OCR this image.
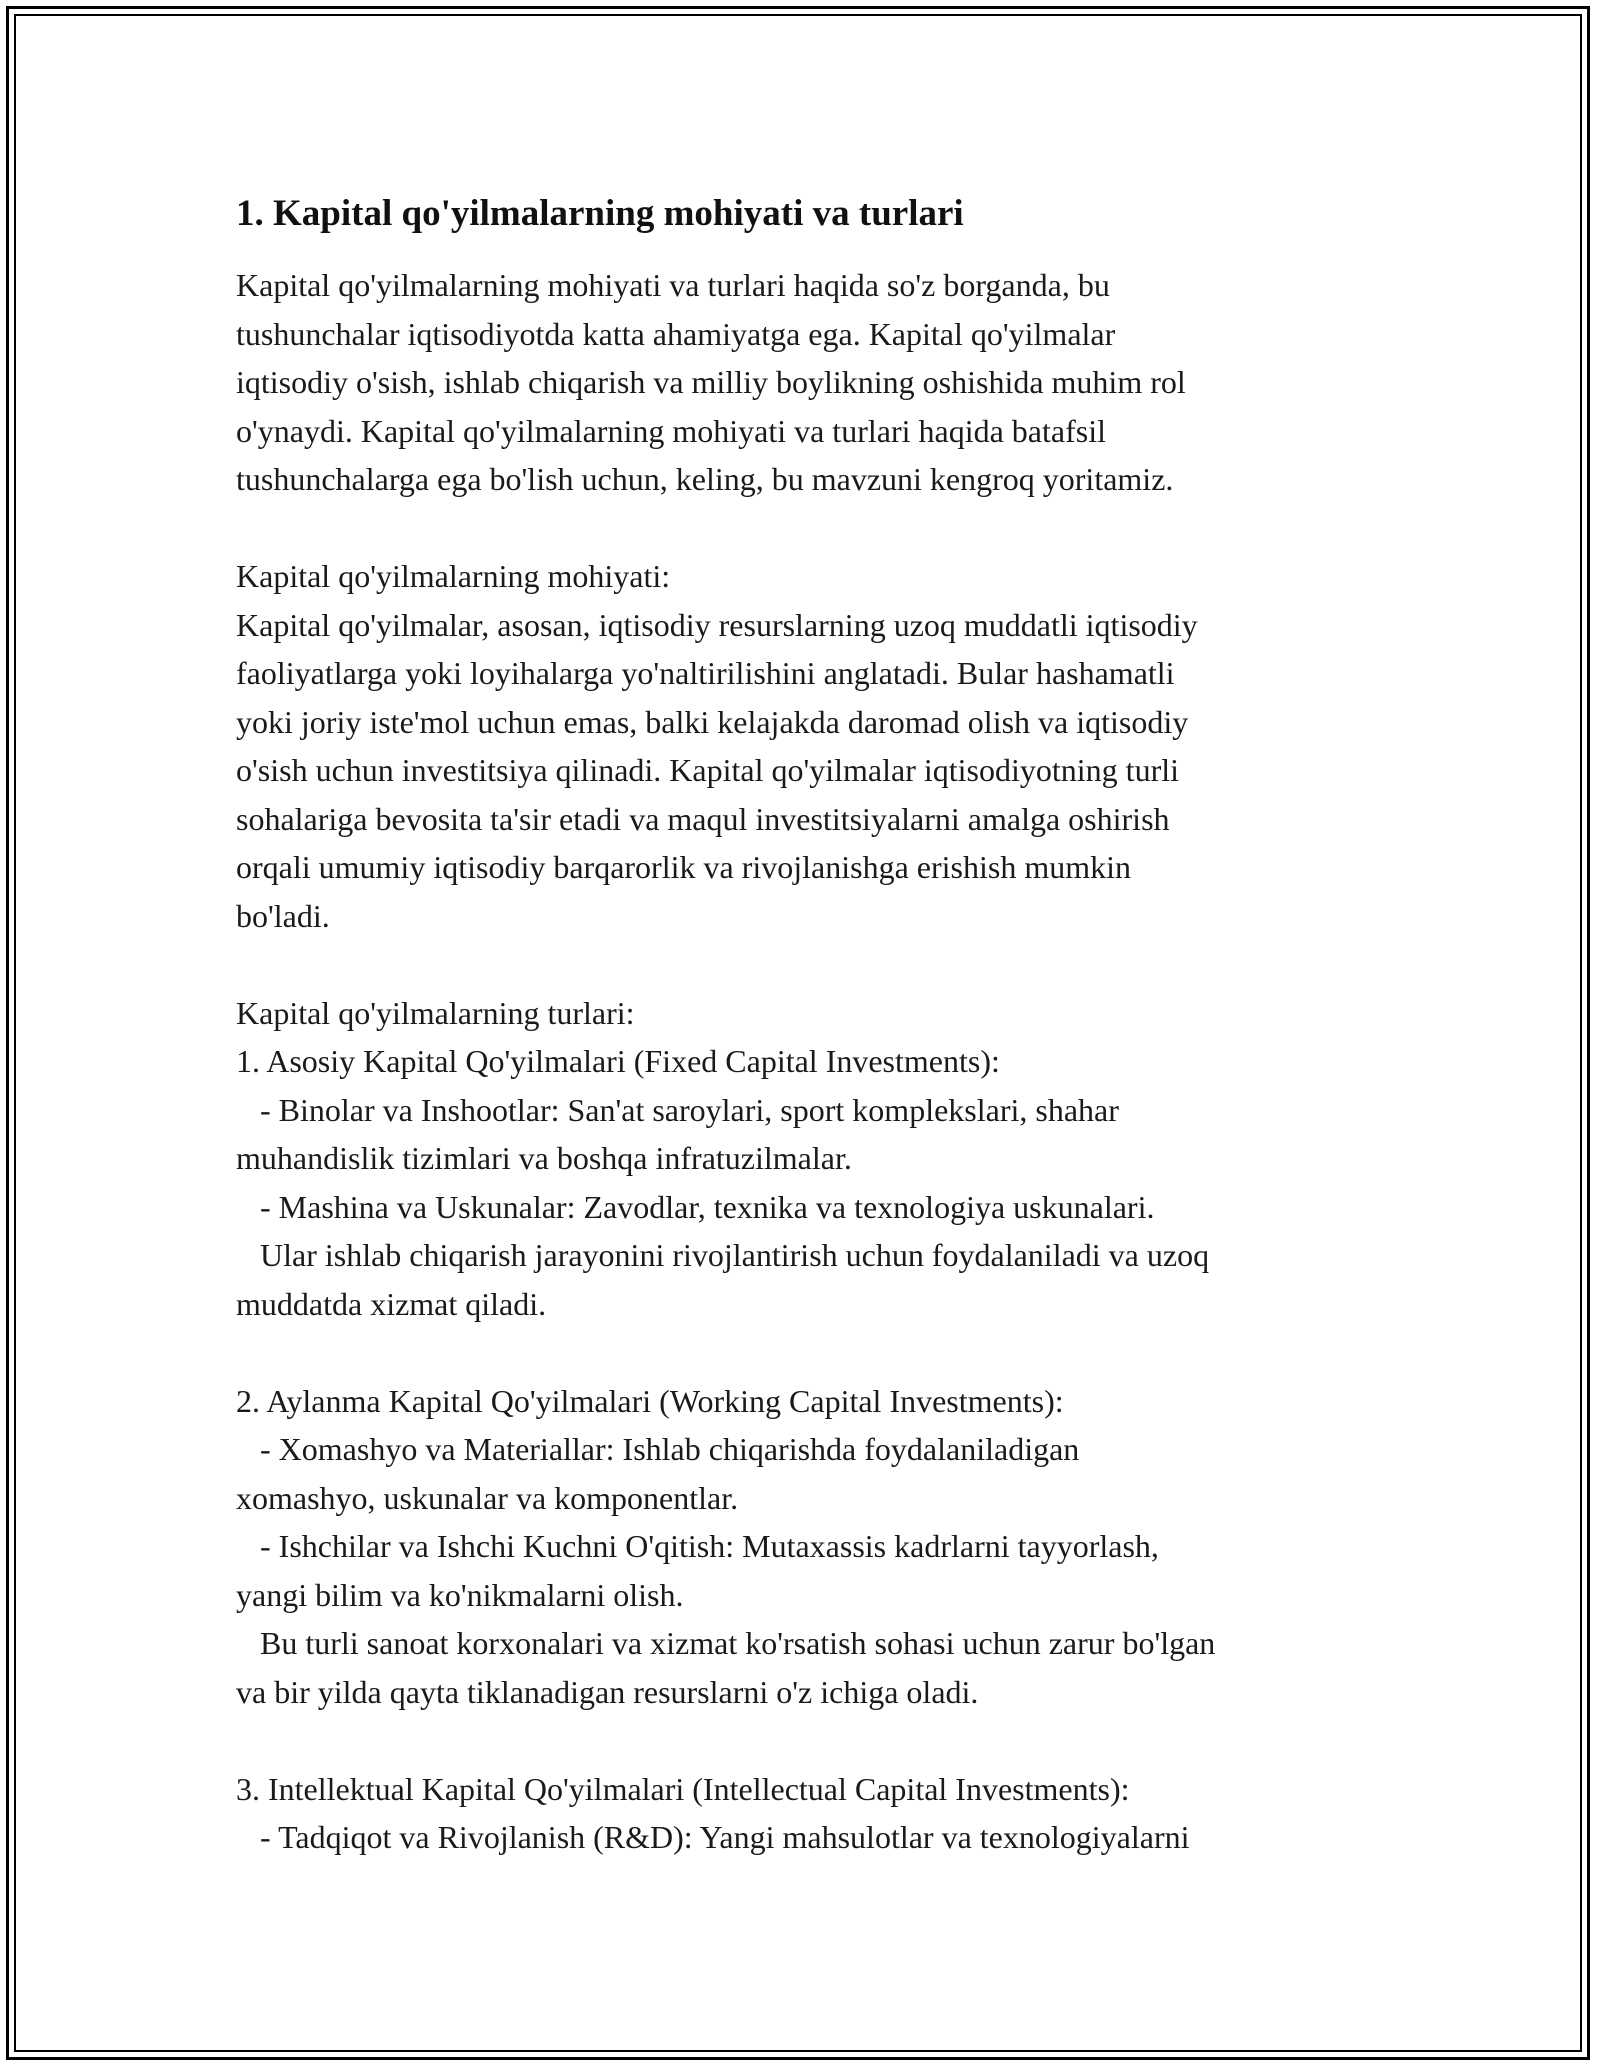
1. Kapital qo'yilmalarning mohiyati va turlari
Kapital qo'yilmalarning mohiyati va turlari haqida so'z borganda, bu
tushunchalar iqtisodiyotda katta ahamiyatga ega. Kapital qo'yilmalar
iqtisodiy o'sish, ishlab chiqarish va milliy boylikning oshishida muhim rol
o'ynaydi. Kapital qo'yilmalarning mohiyati va turlari haqida batafsil
tushunchalarga ega bo'lish uchun, keling, bu mavzuni kengroq yoritamiz.
Kapital qo'yilmalarning mohiyati:
Kapital qo'yilmalar, asosan, iqtisodiy resurslarning uzoq muddatli iqtisodiy
faoliyatlarga yoki loyihalarga yo'naltirilishini anglatadi. Bular hashamatli
yoki joriy iste'mol uchun emas, balki kelajakda daromad olish va iqtisodiy
o'sish uchun investitsiya qilinadi. Kapital qo'yilmalar iqtisodiyotning turli
sohalariga bevosita ta'sir etadi va maqul investitsiyalarni amalga oshirish
orqali umumiy iqtisodiy barqarorlik va rivojlanishga erishish mumkin
bo'ladi.
Kapital qo'yilmalarning turlari:
1. Asosiy Kapital Qo'yilmalari (Fixed Capital Investments):
- Binolar va Inshootlar: San'at saroylari, sport komplekslari, shahar
muhandislik tizimlari va boshqa infratuzilmalar.
- Mashina va Uskunalar: Zavodlar, texnika va texnologiya uskunalari.
Ular ishlab chiqarish jarayonini rivojlantirish uchun foydalaniladi va uzoq
muddatda xizmat qiladi.
2. Aylanma Kapital Qo'yilmalari (Working Capital Investments):
- Xomashyo va Materiallar: Ishlab chiqarishda foydalaniladigan
xomashyo, uskunalar va komponentlar.
- Ishchilar va Ishchi Kuchni O'qitish: Mutaxassis kadrlarni tayyorlash,
yangi bilim va ko'nikmalarni olish.
Bu turli sanoat korxonalari va xizmat ko'rsatish sohasi uchun zarur bo'lgan
va bir yilda qayta tiklanadigan resurslarni o'z ichiga oladi.
3. Intellektual Kapital Qo'yilmalari (Intellectual Capital Investments):
- Tadqiqot va Rivojlanish (R&D): Yangi mahsulotlar va texnologiyalarni
